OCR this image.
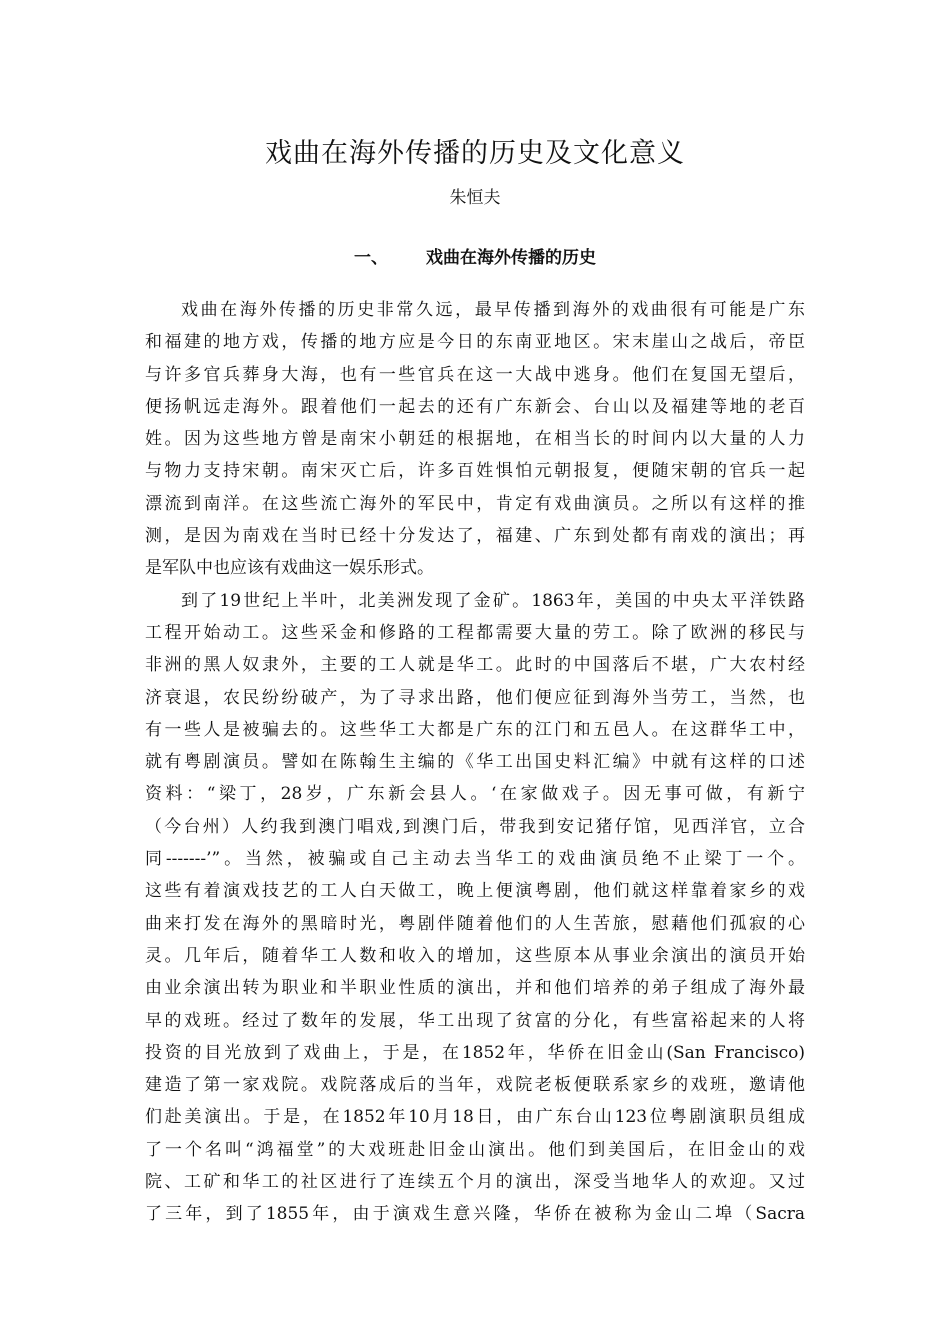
戏曲在海外传播的历史及文化意义
朱恒夫
一、 戏曲在海外传播的历史
戏曲在海外传播的历史非常久远，最早传播到海外的戏曲很有可能是广东
和福建的地方戏，传播的地方应是今日的东南亚地区。宋末崖山之战后，帝臣
与许多官兵葬身大海，也有一些官兵在这一大战中逃身。他们在复国无望后，
便扬帆远走海外。跟着他们一起去的还有广东新会、台山以及福建等地的老百
姓。因为这些地方曾是南宋小朝廷的根据地，在相当长的时间内以大量的人力
与物力支持宋朝。南宋灭亡后，许多百姓惧怕元朝报复，便随宋朝的官兵一起
漂流到南洋。在这些流亡海外的军民中，肯定有戏曲演员。之所以有这样的推
测，是因为南戏在当时已经十分发达了，福建、广东到处都有南戏的演出；再
是军队中也应该有戏曲这一娱乐形式。
到了19世纪上半叶，北美洲发现了金矿。1863年，美国的中央太平洋铁路
工程开始动工。这些采金和修路的工程都需要大量的劳工。除了欧洲的移民与
非洲的黑人奴隶外，主要的工人就是华工。此时的中国落后不堪，广大农村经
济衰退，农民纷纷破产，为了寻求出路，他们便应征到海外当劳工，当然，也
有一些人是被骗去的。这些华工大都是广东的江门和五邑人。在这群华工中，
就有粤剧演员。譬如在陈翰生主编的《华工出国史料汇编》中就有这样的口述
资料：“梁丁，28岁，广东新会县人。‘在家做戏子。因无事可做，有新宁
（今台州）人约我到澳门唱戏,到澳门后，带我到安记猪仔馆，见西洋官，立合
同-------’”。当然，被骗或自己主动去当华工的戏曲演员绝不止梁丁一个。
这些有着演戏技艺的工人白天做工，晚上便演粤剧，他们就这样靠着家乡的戏
曲来打发在海外的黑暗时光，粤剧伴随着他们的人生苦旅，慰藉他们孤寂的心
灵。几年后，随着华工人数和收入的增加，这些原本从事业余演出的演员开始
由业余演出转为职业和半职业性质的演出，并和他们培养的弟子组成了海外最
早的戏班。经过了数年的发展，华工出现了贫富的分化，有些富裕起来的人将
投资的目光放到了戏曲上，于是，在1852年，华侨在旧金山(San Francisco)
建造了第一家戏院。戏院落成后的当年，戏院老板便联系家乡的戏班，邀请他
们赴美演出。于是，在1852年10月18日，由广东台山123位粤剧演职员组成
了一个名叫“鸿福堂”的大戏班赴旧金山演出。他们到美国后，在旧金山的戏
院、工矿和华工的社区进行了连续五个月的演出，深受当地华人的欢迎。又过
了三年，到了1855年，由于演戏生意兴隆，华侨在被称为金山二埠（Sacra
